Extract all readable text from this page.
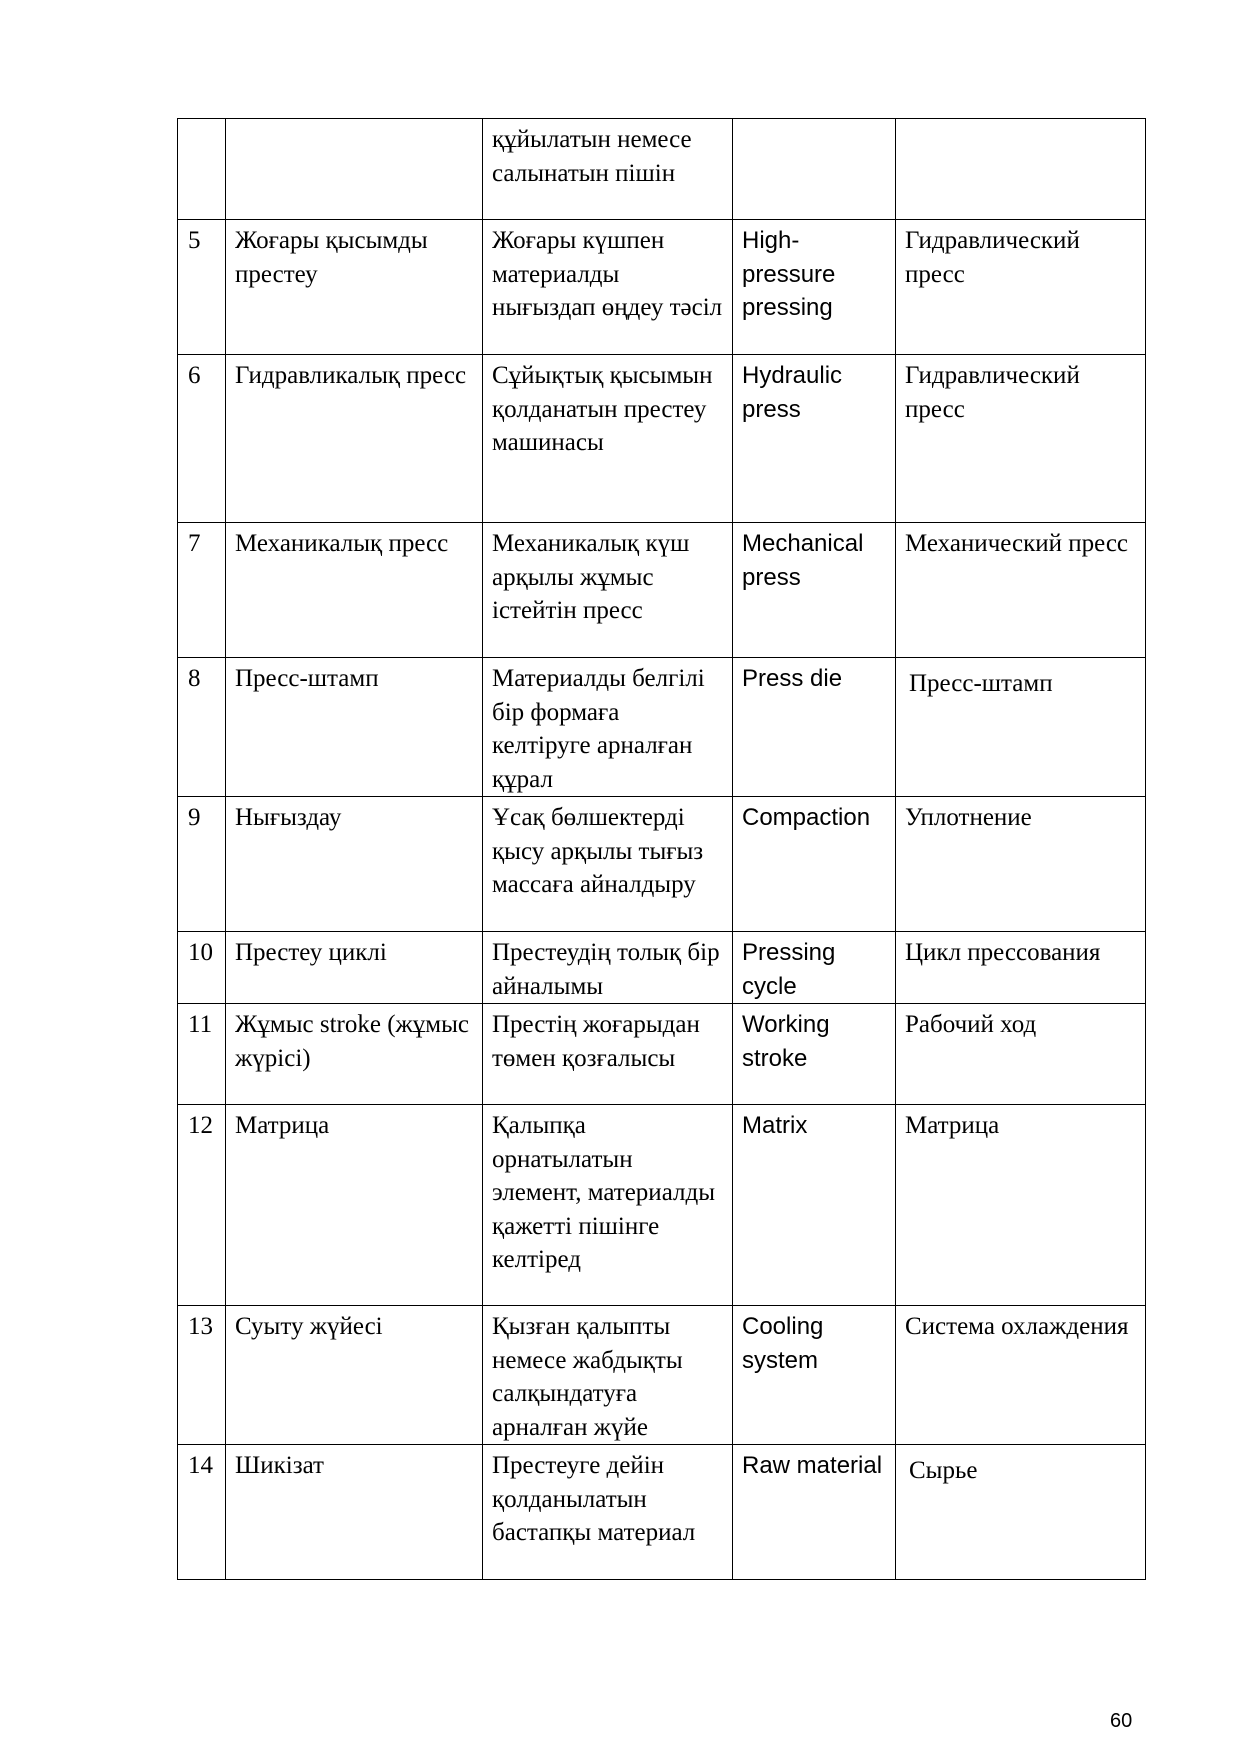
		құйылатын немесе салынатын пішін		
5	Жоғары қысымды престеу	Жоғары күшпен материалды нығыздап өңдеу тәсіл	High-pressure pressing	Гидравлический пресс
6	Гидравликалық пресс	Сұйықтық қысымын қолданатын престеу машинасы	Hydraulic press	Гидравлический пресс
7	Механикалық пресс	Механикалық күш арқылы жұмыс істейтін пресс	Mechanical press	Механический пресс
8	Пресс-штамп	Материалды белгілі бір формаға келтіруге арналған құрал	Press die	Пресс-штамп
9	Нығыздау	Ұсақ бөлшектерді қысу арқылы тығыз массаға айналдыру	Compaction	Уплотнение
10	Престеу циклі	Престеудің толық бір айналымы	Pressing cycle	Цикл прессования
11	Жұмыс stroke (жұмыс жүрісі)	Престің жоғарыдан төмен қозғалысы	Working stroke	Рабочий ход
12	Матрица	Қалыпқа орнатылатын элемент, материалды қажетті пішінге келтіред	Matrix	Матрица
13	Суыту жүйесі	Қызған қалыпты немесе жабдықты салқындатуға арналған жүйе	Cooling system	Система охлаждения
14	Шикізат	Престеуге дейін қолданылатын бастапқы материал	Raw material	Сырье
60
